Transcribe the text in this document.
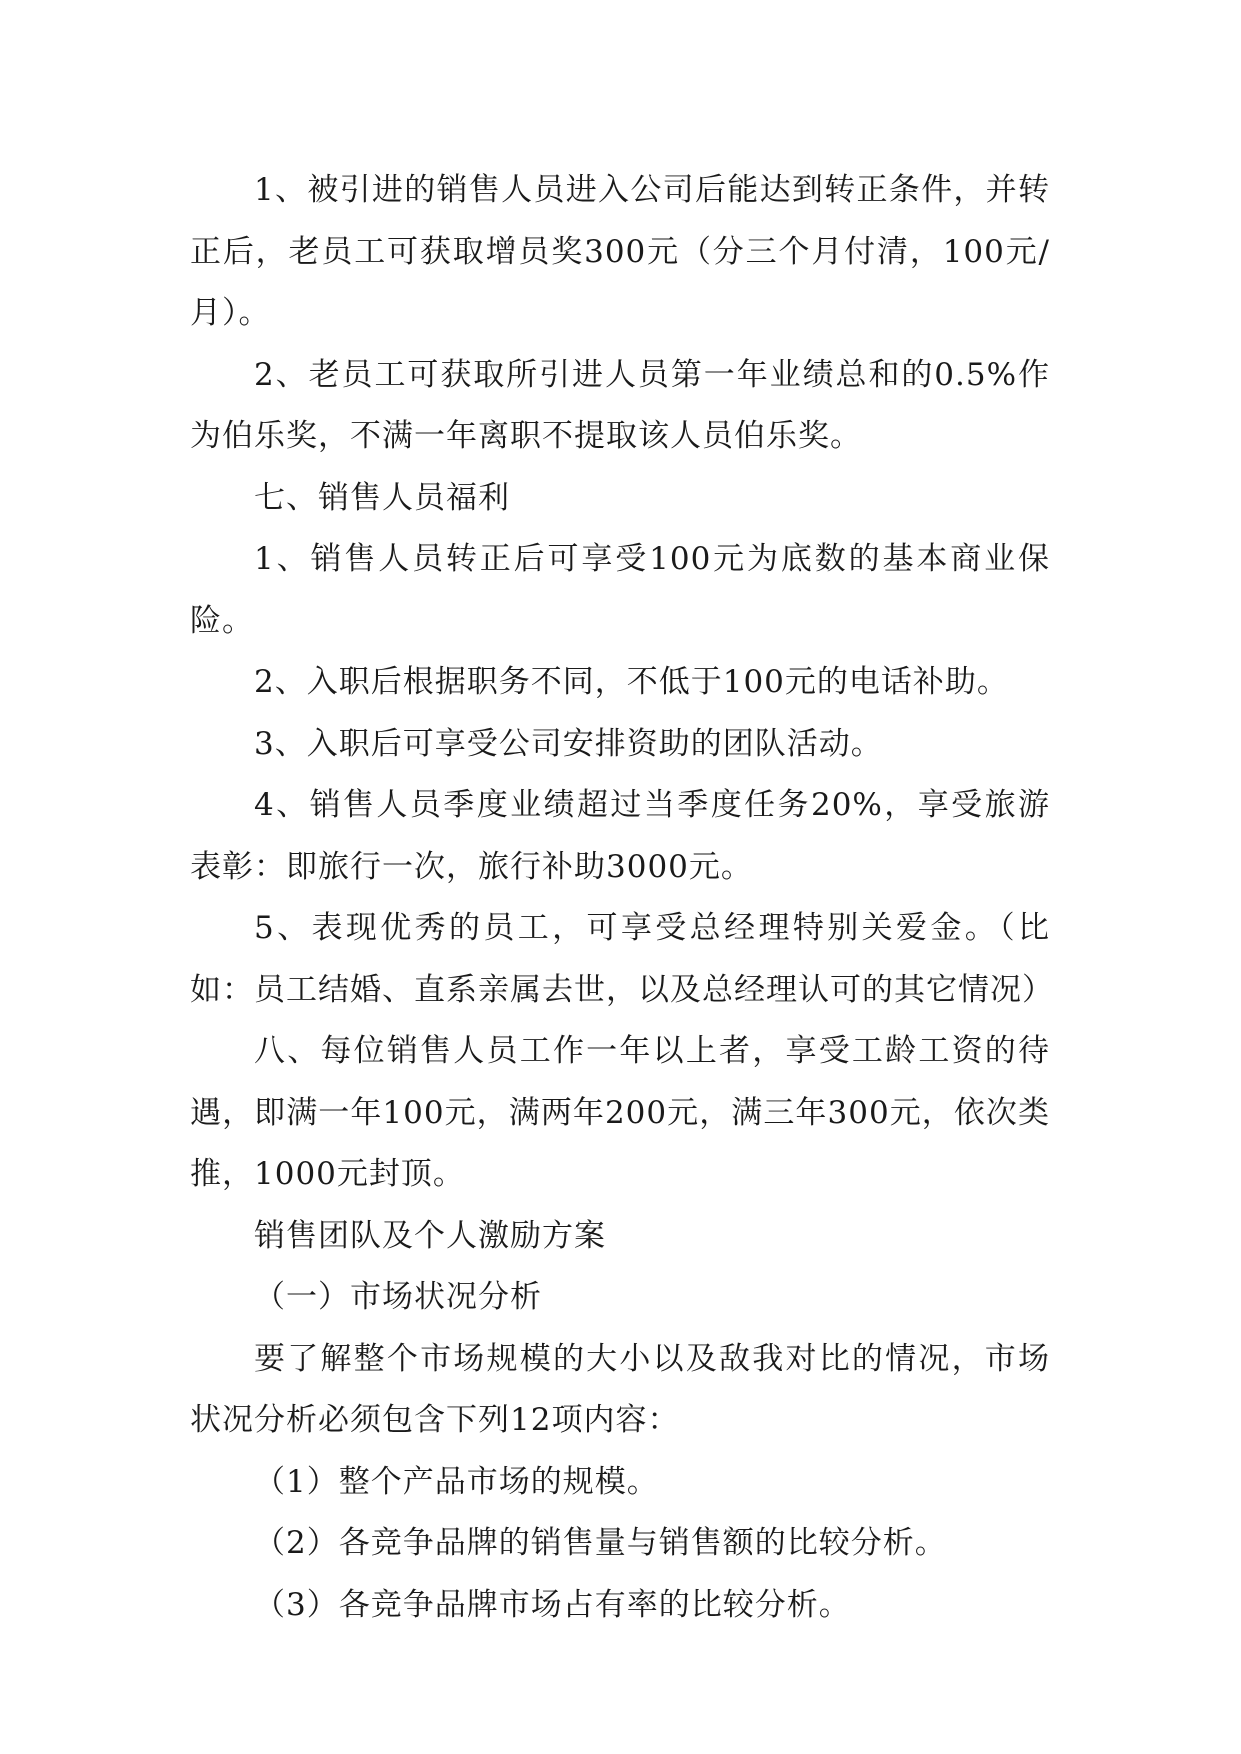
1、被引进的销售人员进入公司后能达到转正条件，并转正后，老员工可获取增员奖300元（分三个月付清，100元/月）。

2、老员工可获取所引进人员第一年业绩总和的0.5%作为伯乐奖，不满一年离职不提取该人员伯乐奖。

七、销售人员福利

1、销售人员转正后可享受100元为底数的基本商业保险。

2、入职后根据职务不同，不低于100元的电话补助。

3、入职后可享受公司安排资助的团队活动。

4、销售人员季度业绩超过当季度任务20%，享受旅游表彰：即旅行一次，旅行补助3000元。

5、表现优秀的员工，可享受总经理特别关爱金。（比如：员工结婚、直系亲属去世，以及总经理认可的其它情况）

八、每位销售人员工作一年以上者，享受工龄工资的待遇，即满一年100元，满两年200元，满三年300元，依次类推，1000元封顶。

销售团队及个人激励方案

（一）市场状况分析

要了解整个市场规模的大小以及敌我对比的情况，市场状况分析必须包含下列12项内容：

（1）整个产品市场的规模。

（2）各竞争品牌的销售量与销售额的比较分析。

（3）各竞争品牌市场占有率的比较分析。
